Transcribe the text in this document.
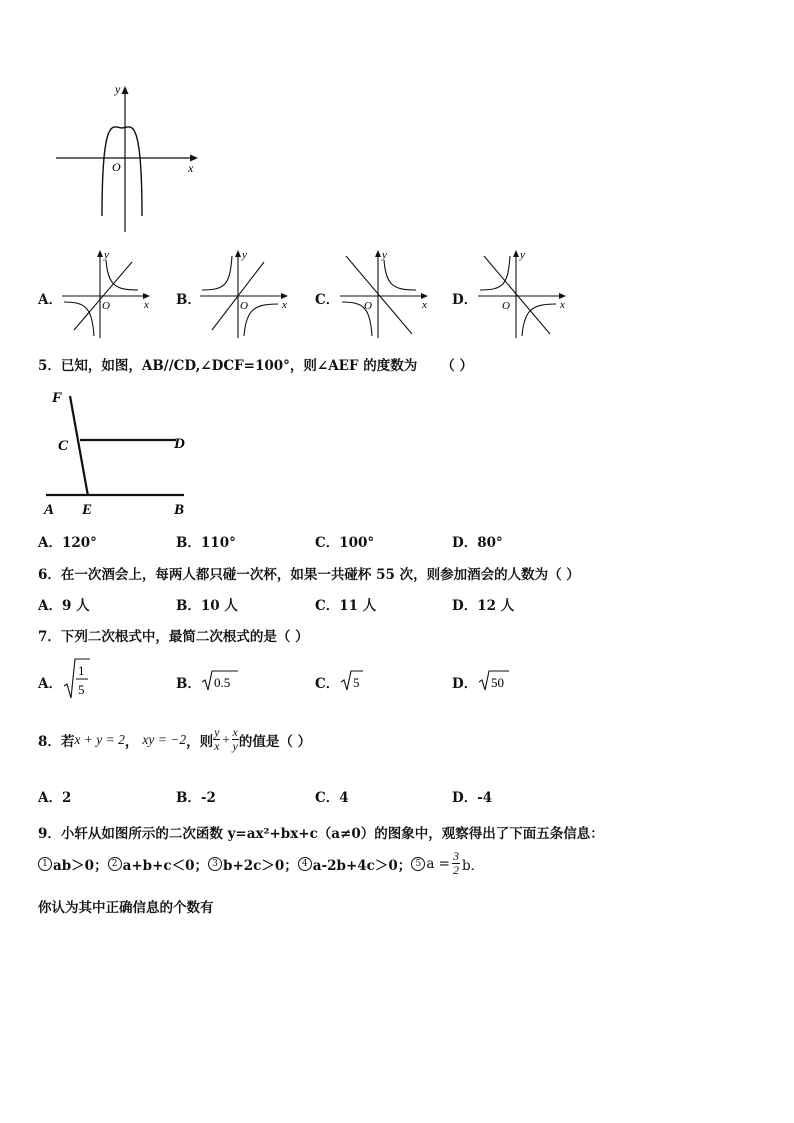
y
x
O
A．
y
x
O	B．
y
x
O	C．
y
x
O	D．
y
x
O
5．已知，如图，AB//CD,∠DCF=100°，则∠AEF 的度数为 （ ）
F
C	D
A E	B
A．120°	B．110°	C．100°	D．80°
6．在一次酒会上，每两人都只碰一次杯，如果一共碰杯 55 次，则参加酒会的人数为（ ）
A．9 人	B．10 人	C．11 人	D．12 人
7．下列二次根式中，最简二次根式的是（ ）
A．
1
5	B． 0.5	C． 5	D． 50
8．若 x + y = 2 ， xy = −2 ，则 $\frac{y}{x} + \frac{x}{y}$ 的值是（ ）
A．2	B．-2	C．4	D．-4
9．小轩从如图所示的二次函数 y=ax²+bx+c（a≠0）的图象中，观察得出了下面五条信息：
1 ab＞0； 2 a+b+c＜0； 3 b+2c＞0； 4 a-2b+4c＞0； 5 $a = \frac{3}{2}$ b．
你认为其中正确信息的个数有
